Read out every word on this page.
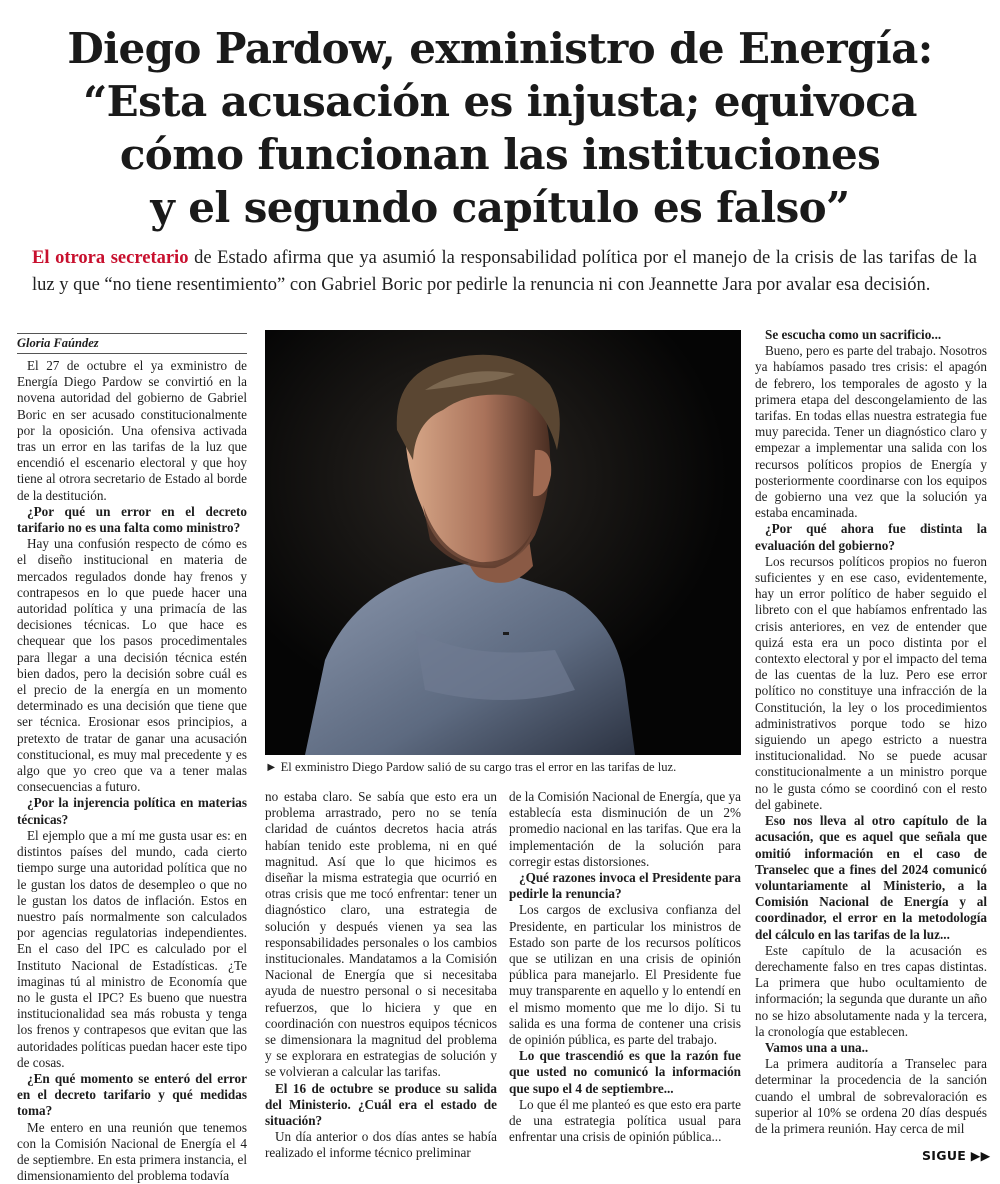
Diego Pardow, exministro de Energía:
“Esta acusación es injusta; equivoca
cómo funcionan las instituciones
y el segundo capítulo es falso”
El otrora secretario de Estado afirma que ya asumió la responsabilidad política por el manejo de la crisis de las tarifas de la luz y que “no tiene resentimiento” con Gabriel Boric por pedirle la renuncia ni con Jeannette Jara por avalar esa decisión.
Gloria Faúndez

El 27 de octubre el ya exministro de Energía Diego Pardow se convirtió en la novena autoridad del gobierno de Gabriel Boric en ser acusado constitucionalmente por la oposición. Una ofensiva activada tras un error en las tarifas de la luz que encendió el escenario electoral y que hoy tiene al otrora secretario de Estado al borde de la destitución.

¿Por qué un error en el decreto tarifario no es una falta como ministro?

Hay una confusión respecto de cómo es el diseño institucional en materia de mercados regulados donde hay frenos y contrapesos en lo que puede hacer una autoridad política y una primacía de las decisiones técnicas. Lo que hace es chequear que los pasos procedimentales para llegar a una decisión técnica estén bien dados, pero la decisión sobre cuál es el precio de la energía en un momento determinado es una decisión que tiene que ser técnica. Erosionar esos principios, a pretexto de tratar de ganar una acusación constitucional, es muy mal precedente y es algo que yo creo que va a tener malas consecuencias a futuro.

¿Por la injerencia política en materias técnicas?

El ejemplo que a mí me gusta usar es: en distintos países del mundo, cada cierto tiempo surge una autoridad política que no le gustan los datos de desempleo o que no le gustan los datos de inflación. Estos en nuestro país normalmente son calculados por agencias regulatorias independientes. En el caso del IPC es calculado por el Instituto Nacional de Estadísticas. ¿Te imaginas tú al ministro de Economía que no le gusta el IPC? Es bueno que nuestra institucionalidad sea más robusta y tenga los frenos y contrapesos que evitan que las autoridades políticas puedan hacer este tipo de cosas.

¿En qué momento se enteró del error en el decreto tarifario y qué medidas toma?

Me entero en una reunión que tenemos con la Comisión Nacional de Energía el 4 de septiembre. En esta primera instancia, el dimensionamiento del problema todavía

no estaba claro. Se sabía que esto era un problema arrastrado, pero no se tenía claridad de cuántos decretos hacia atrás habían tenido este problema, ni en qué magnitud. Así que lo que hicimos es diseñar la misma estrategia que ocurrió en otras crisis que me tocó enfrentar: tener un diagnóstico claro, una estrategia de solución y después vienen ya sea las responsabilidades personales o los cambios institucionales. Mandatamos a la Comisión Nacional de Energía que si necesitaba ayuda de nuestro personal o si necesitaba refuerzos, que lo hiciera y que en coordinación con nuestros equipos técnicos se dimensionara la magnitud del problema y se explorara en estrategias de solución y se volvieran a calcular las tarifas.

El 16 de octubre se produce su salida del Ministerio. ¿Cuál era el estado de situación?

Un día anterior o dos días antes se había realizado el informe técnico preliminar

de la Comisión Nacional de Energía, que ya establecía esta disminución de un 2% promedio nacional en las tarifas. Que era la implementación de la solución para corregir estas distorsiones.

¿Qué razones invoca el Presidente para pedirle la renuncia?

Los cargos de exclusiva confianza del Presidente, en particular los ministros de Estado son parte de los recursos políticos que se utilizan en una crisis de opinión pública para manejarlo. El Presidente fue muy transparente en aquello y lo entendí en el mismo momento que me lo dijo. Si tu salida es una forma de contener una crisis de opinión pública, es parte del trabajo.

Lo que trascendió es que la razón fue que usted no comunicó la información que supo el 4 de septiembre...

Lo que él me planteó es que esto era parte de una estrategia política usual para enfrentar una crisis de opinión pública...

Se escucha como un sacrificio...

Bueno, pero es parte del trabajo. Nosotros ya habíamos pasado tres crisis: el apagón de febrero, los temporales de agosto y la primera etapa del descongelamiento de las tarifas. En todas ellas nuestra estrategia fue muy parecida. Tener un diagnóstico claro y empezar a implementar una salida con los recursos políticos propios de Energía y posteriormente coordinarse con los equipos de gobierno una vez que la solución ya estaba encaminada.

¿Por qué ahora fue distinta la evaluación del gobierno?

Los recursos políticos propios no fueron suficientes y en ese caso, evidentemente, hay un error político de haber seguido el libreto con el que habíamos enfrentado las crisis anteriores, en vez de entender que quizá esta era un poco distinta por el contexto electoral y por el impacto del tema de las cuentas de la luz. Pero ese error político no constituye una infracción de la Constitución, la ley o los procedimientos administrativos porque todo se hizo siguiendo un apego estricto a nuestra institucionalidad. No se puede acusar constitucionalmente a un ministro porque no le gusta cómo se coordinó con el resto del gabinete.

Eso nos lleva al otro capítulo de la acusación, que es aquel que señala que omitió información en el caso de Transelec que a fines del 2024 comunicó voluntariamente al Ministerio, a la Comisión Nacional de Energía y al coordinador, el error en la metodología del cálculo en las tarifas de la luz...

Este capítulo de la acusación es derechamente falso en tres capas distintas. La primera que hubo ocultamiento de información; la segunda que durante un año no se hizo absolutamente nada y la tercera, la cronología que establecen.

Vamos una a una..

La primera auditoría a Transelec para determinar la procedencia de la sanción cuando el umbral de sobrevaloración es superior al 10% se ordena 20 días después de la primera reunión. Hay cerca de mil

► El exministro Diego Pardow salió de su cargo tras el error en las tarifas de luz.
SIGUE ▶▶
